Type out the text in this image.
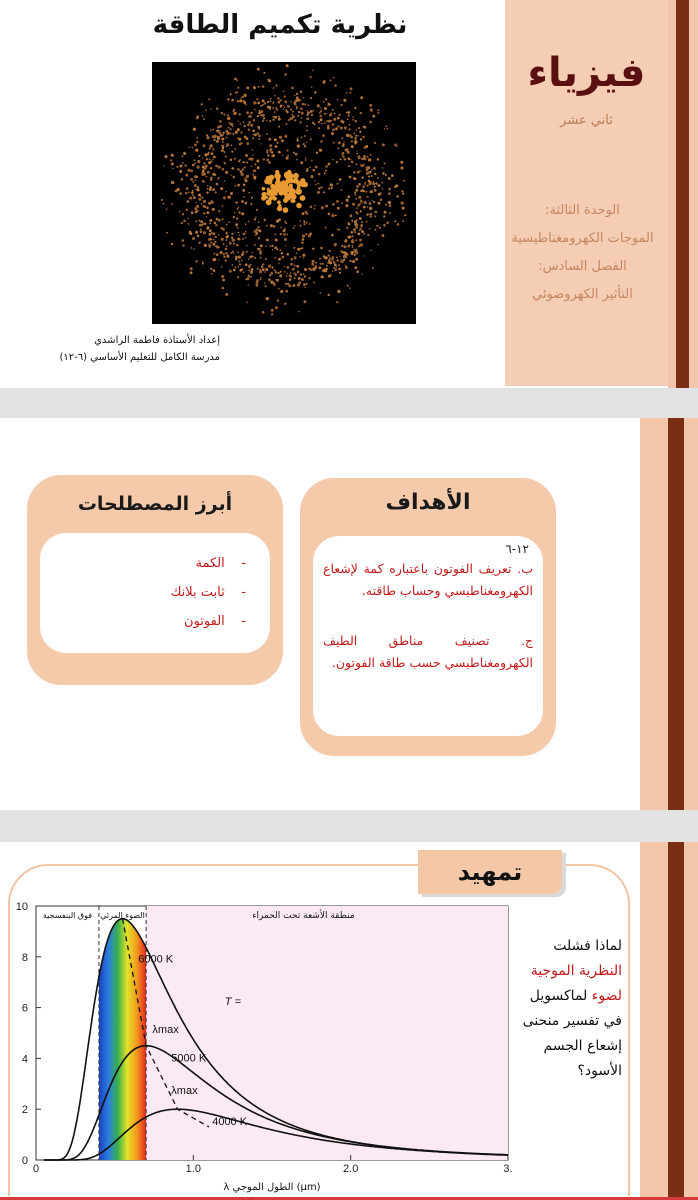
نظرية تكميم الطاقة
إعداد الأستاذة فاطمة الراشدي
مدرسة الكامل للتعليم الأساسي (٦-١٢)
فيزياء
ثاني عشر
الوحدة الثالثة:
الموجات الكهرومغناطيسية
الفصل السادس:
التأثير الكهروضوئي
الأهداف
١٢-٦
ب. تعريف الفوتون باعتباره كمة لإشعاع الكهرومغناطيسي وحساب طاقته.
ج. تصنيف مناطق الطيف الكهرومغناطيسي حسب طاقة الفوتون.
أبرز المصطلحات
-    الكمة
-    ثابت بلانك
-    الفوتون
تمهيد
لماذا فشلت النظرية الموجية لضوء لماكسويل في تفسير منحنى إشعاع الجسم الأسود؟
0
2
4
6
8
10
0	1.0	2.0	3.
6000 K
5000 K
4000 K
λmax
λmax
T =
فوق البنفسجية الضوء المرئي	منطقة الأشعة تحت الحمراء
λ الطول الموجي (µm)
